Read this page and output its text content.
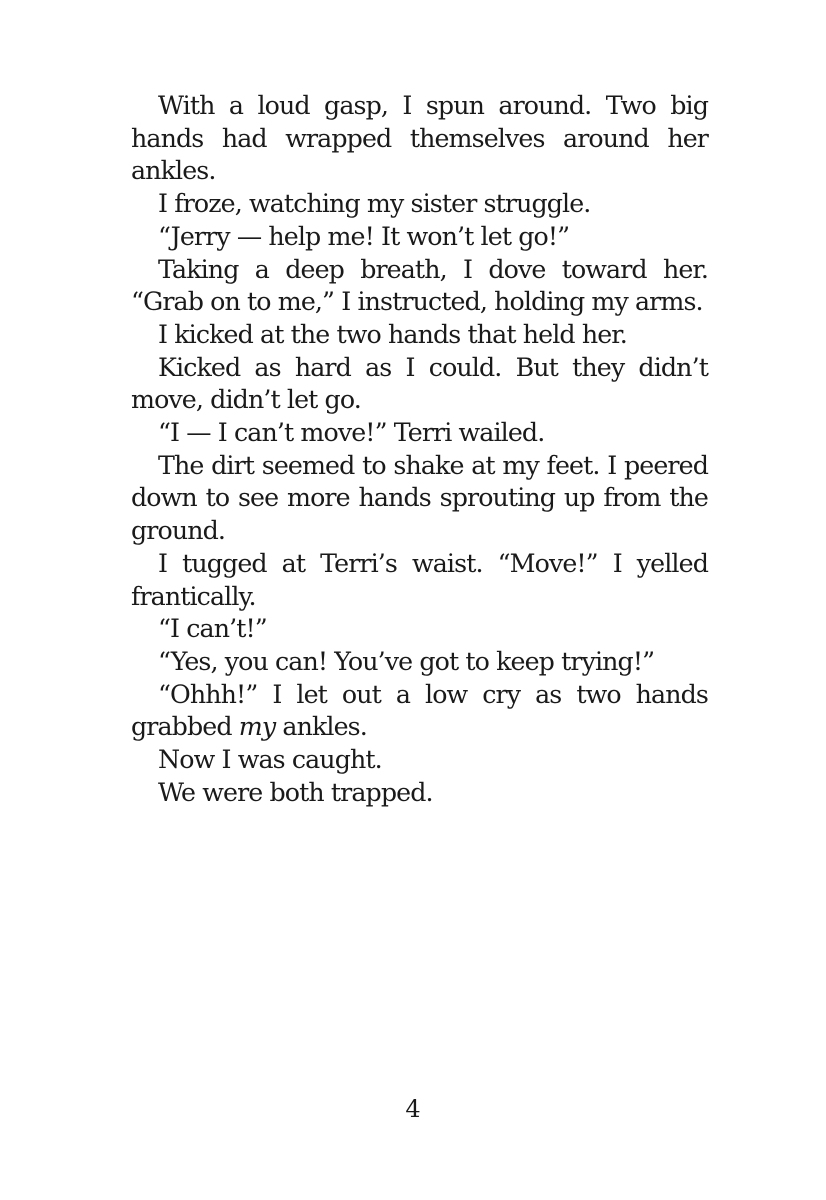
With a loud gasp, I spun around. Two big hands had wrapped themselves around her ankles.

I froze, watching my sister struggle.

“Jerry — help me! It won’t let go!”

Taking a deep breath, I dove toward her. “Grab on to me,” I instructed, holding my arms.

I kicked at the two hands that held her.

Kicked as hard as I could. But they didn’t move, didn’t let go.

“I — I can’t move!” Terri wailed.

The dirt seemed to shake at my feet. I peered down to see more hands sprouting up from the ground.

I tugged at Terri’s waist. “Move!” I yelled frantically.

“I can’t!”

“Yes, you can! You’ve got to keep trying!”

“Ohhh!” I let out a low cry as two hands grabbed my ankles.

Now I was caught.

We were both trapped.

4
